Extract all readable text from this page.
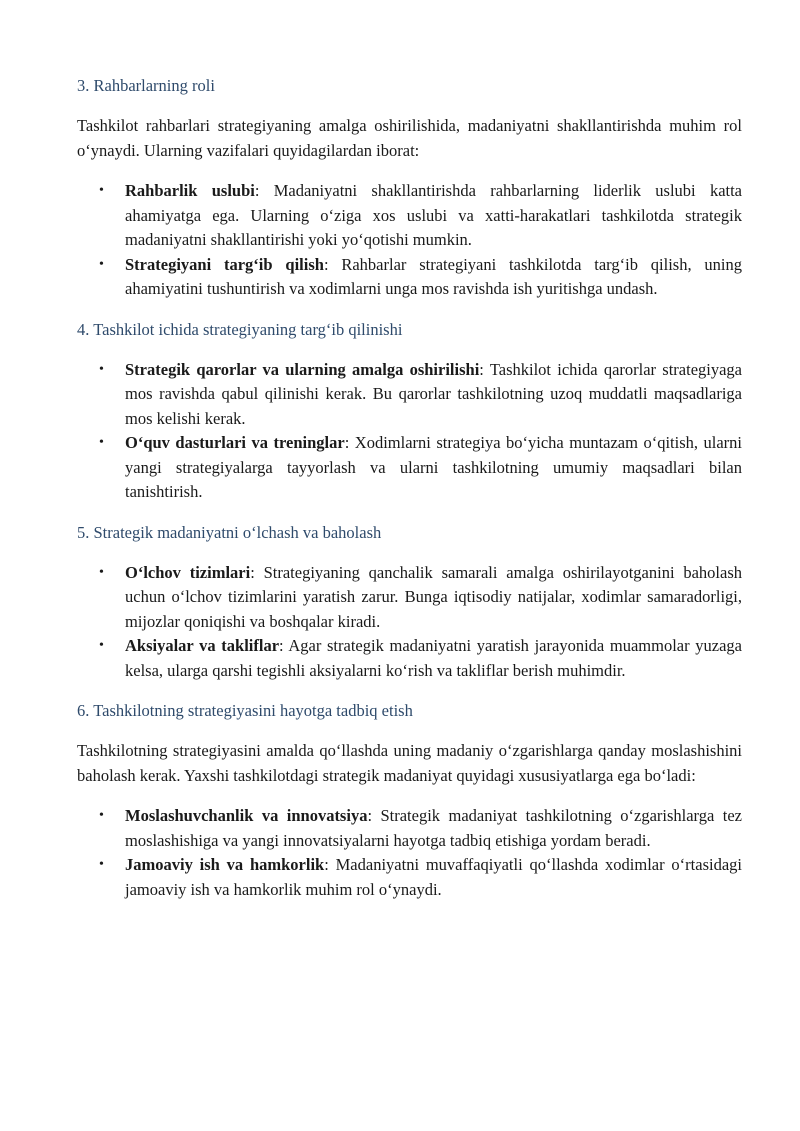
3. Rahbarlarning roli
Tashkilot rahbarlari strategiyaning amalga oshirilishida, madaniyatni shakllantirishda muhim rol o‘ynaydi. Ularning vazifalari quyidagilardan iborat:
• Rahbarlik uslubi: Madaniyatni shakllantirishda rahbarlarning liderlik uslubi katta ahamiyatga ega. Ularning o‘ziga xos uslubi va xatti-harakatlari tashkilotda strategik madaniyatni shakllantirishi yoki yo‘qotishi mumkin.
• Strategiyani targ‘ib qilish: Rahbarlar strategiyani tashkilotda targ‘ib qilish, uning ahamiyatini tushuntirish va xodimlarni unga mos ravishda ish yuritishga undash.
4. Tashkilot ichida strategiyaning targ‘ib qilinishi
• Strategik qarorlar va ularning amalga oshirilishi: Tashkilot ichida qarorlar strategiyaga mos ravishda qabul qilinishi kerak. Bu qarorlar tashkilotning uzoq muddatli maqsadlariga mos kelishi kerak.
• O‘quv dasturlari va treninglar: Xodimlarni strategiya bo‘yicha muntazam o‘qitish, ularni yangi strategiyalarga tayyorlash va ularni tashkilotning umumiy maqsadlari bilan tanishtirish.
5. Strategik madaniyatni o‘lchash va baholash
• O‘lchov tizimlari: Strategiyaning qanchalik samarali amalga oshirilayotganini baholash uchun o‘lchov tizimlarini yaratish zarur. Bunga iqtisodiy natijalar, xodimlar samaradorligi, mijozlar qoniqishi va boshqalar kiradi.
• Aksiyalar va takliflar: Agar strategik madaniyatni yaratish jarayonida muammolar yuzaga kelsa, ularga qarshi tegishli aksiyalarni ko‘rish va takliflar berish muhimdir.
6. Tashkilotning strategiyasini hayotga tadbiq etish
Tashkilotning strategiyasini amalda qo‘llashda uning madaniy o‘zgarishlarga qanday moslashishini baholash kerak. Yaxshi tashkilotdagi strategik madaniyat quyidagi xususiyatlarga ega bo‘ladi:
• Moslashuvchanlik va innovatsiya: Strategik madaniyat tashkilotning o‘zgarishlarga tez moslashishiga va yangi innovatsiyalarni hayotga tadbiq etishiga yordam beradi.
• Jamoaviy ish va hamkorlik: Madaniyatni muvaffaqiyatli qo‘llashda xodimlar o‘rtasidagi jamoaviy ish va hamkorlik muhim rol o‘ynaydi.
